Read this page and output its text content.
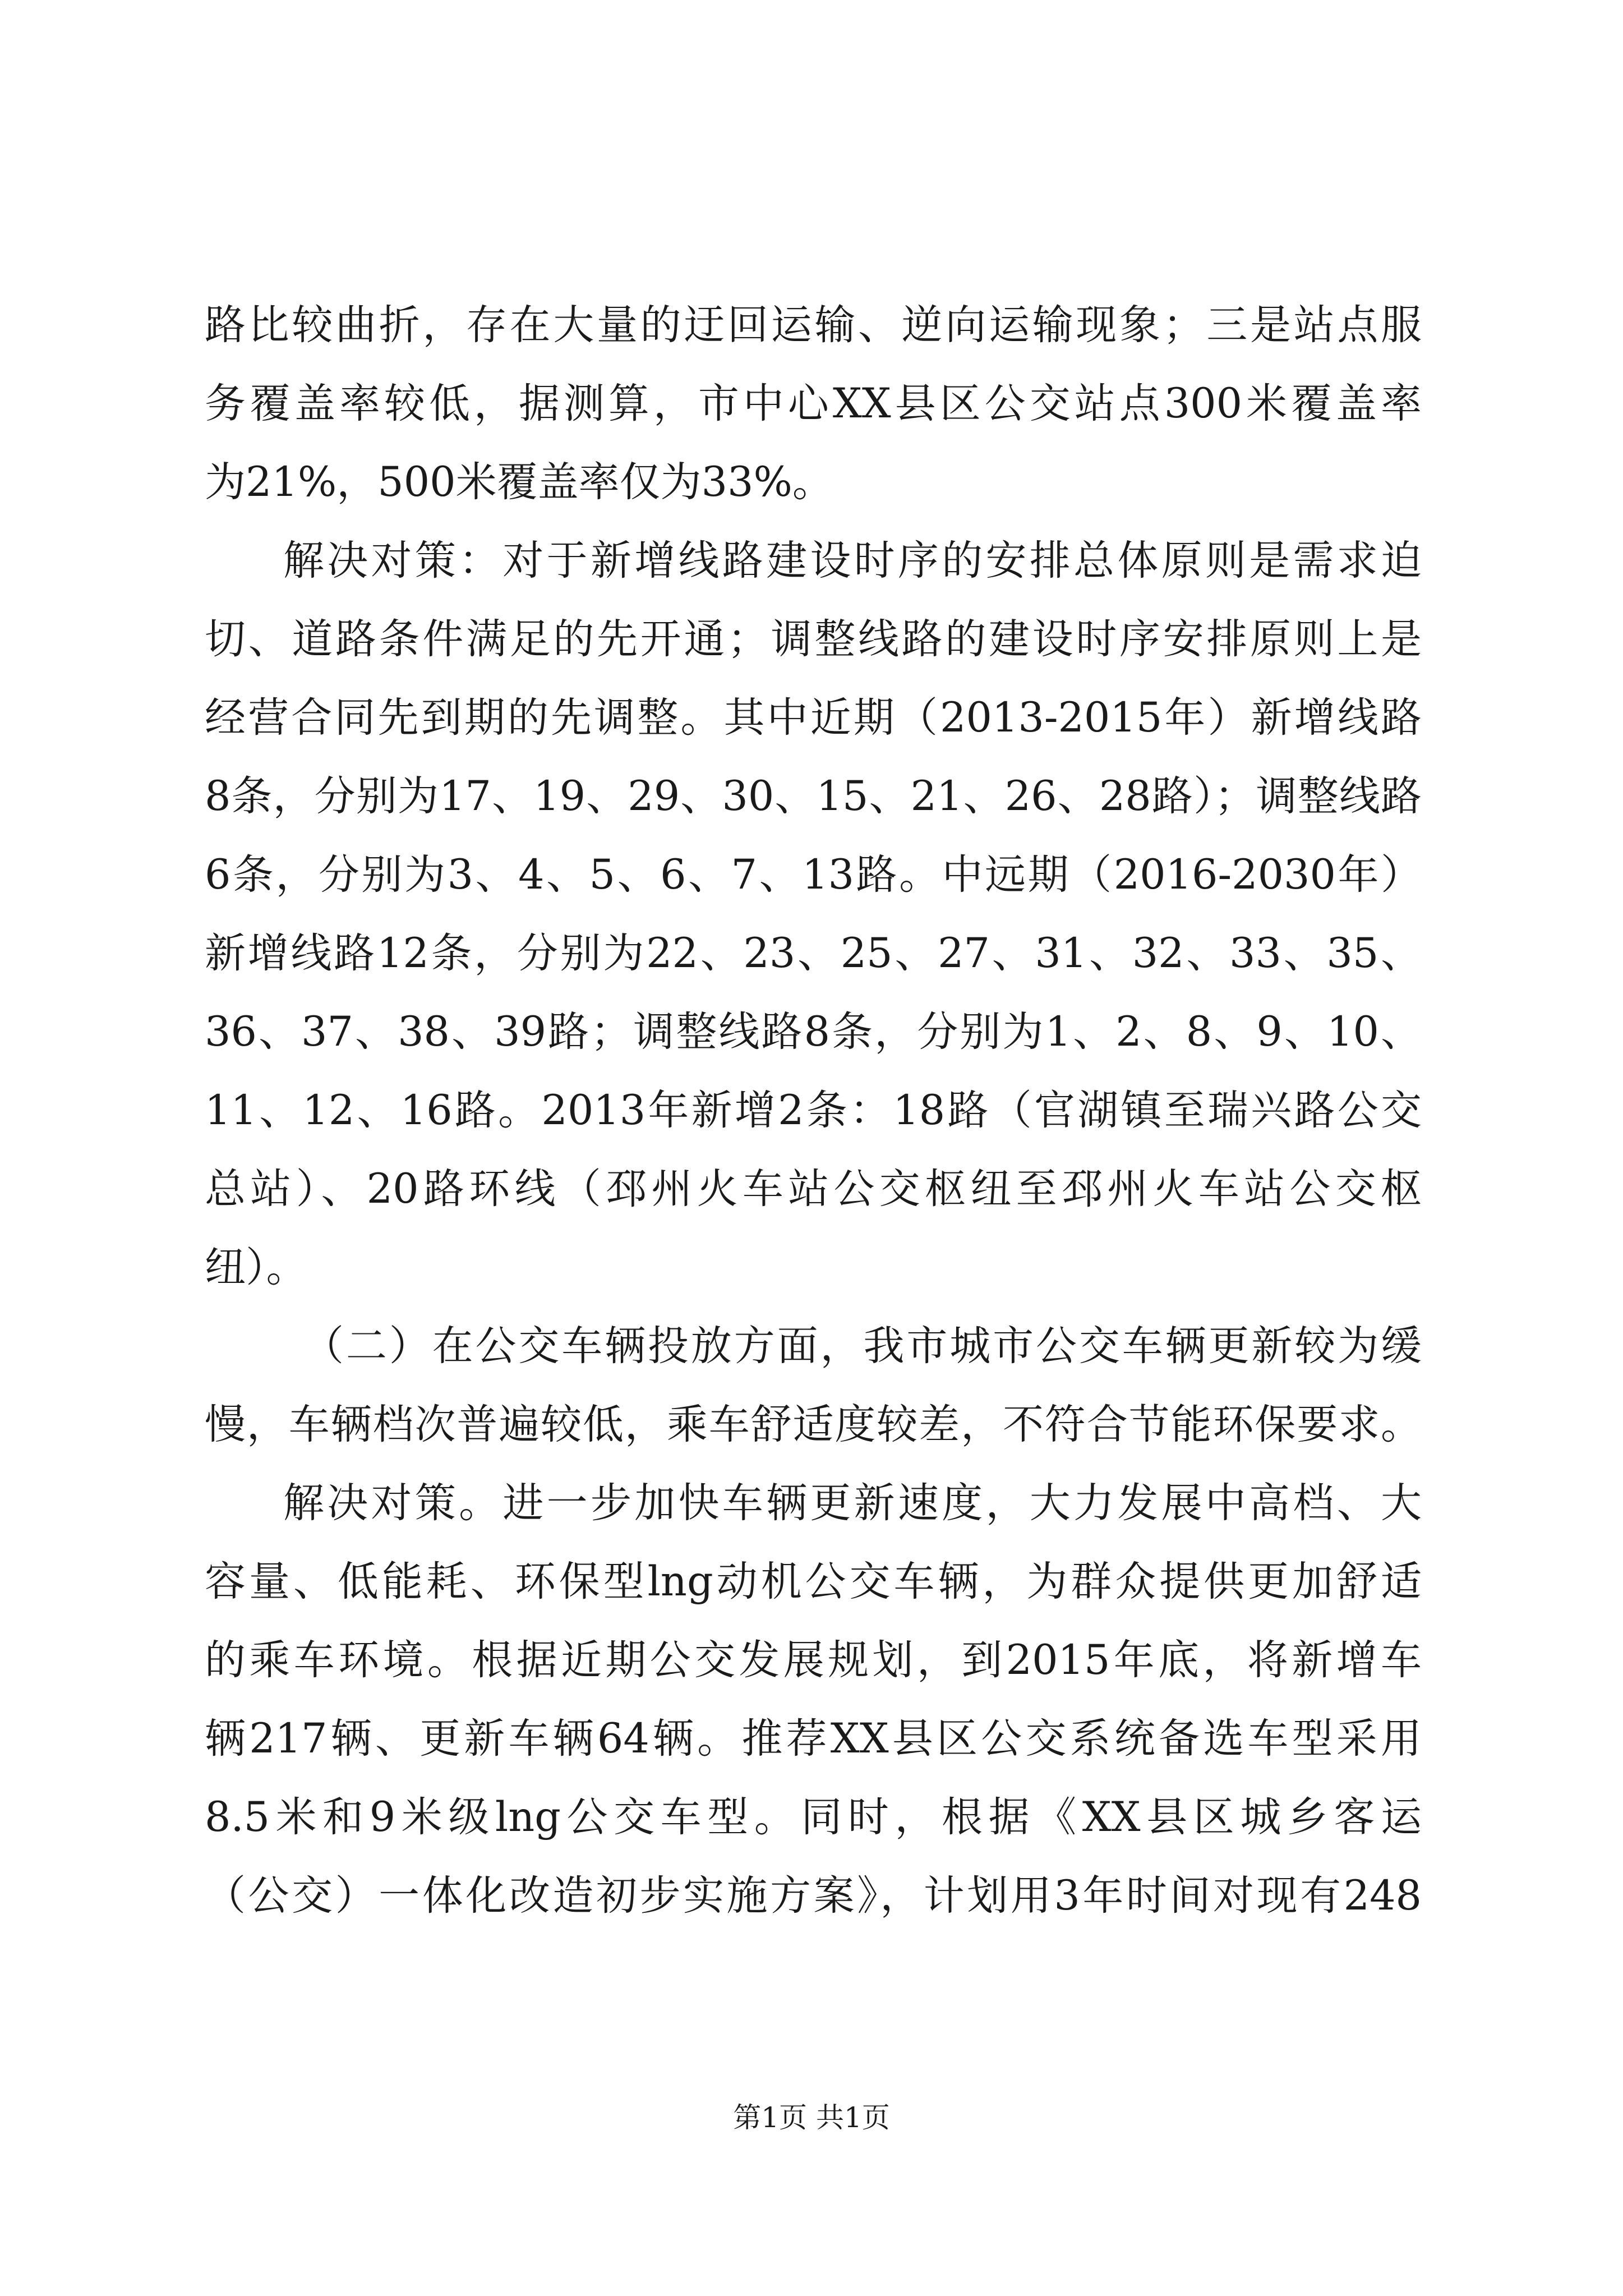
路比较曲折，存在大量的迂回运输、逆向运输现象；三是站点服
务覆盖率较低，据测算，市中心XX县区公交站点300米覆盖率
为21%，500米覆盖率仅为33%。
解决对策：对于新增线路建设时序的安排总体原则是需求迫
切、道路条件满足的先开通；调整线路的建设时序安排原则上是
经营合同先到期的先调整。其中近期（2013-2015年）新增线路
8条，分别为17、19、29、30、15、21、26、28路）；调整线路
6条，分别为3、4、5、6、7、13路。中远期（2016-2030年）
新增线路12条，分别为22、23、25、27、31、32、33、35、
36、37、38、39路；调整线路8条，分别为1、2、8、9、10、
11、12、16路。2013年新增2条：18路（官湖镇至瑞兴路公交
总站）、20路环线（邳州火车站公交枢纽至邳州火车站公交枢
纽）。
（二）在公交车辆投放方面，我市城市公交车辆更新较为缓
慢，车辆档次普遍较低，乘车舒适度较差，不符合节能环保要求。
解决对策。进一步加快车辆更新速度，大力发展中高档、大
容量、低能耗、环保型lng动机公交车辆，为群众提供更加舒适
的乘车环境。根据近期公交发展规划，到2015年底，将新增车
辆217辆、更新车辆64辆。推荐XX县区公交系统备选车型采用
8.5米和9米级lng公交车型。同时，根据《XX县区城乡客运
（公交）一体化改造初步实施方案》，计划用3年时间对现有248
第1页 共1页
